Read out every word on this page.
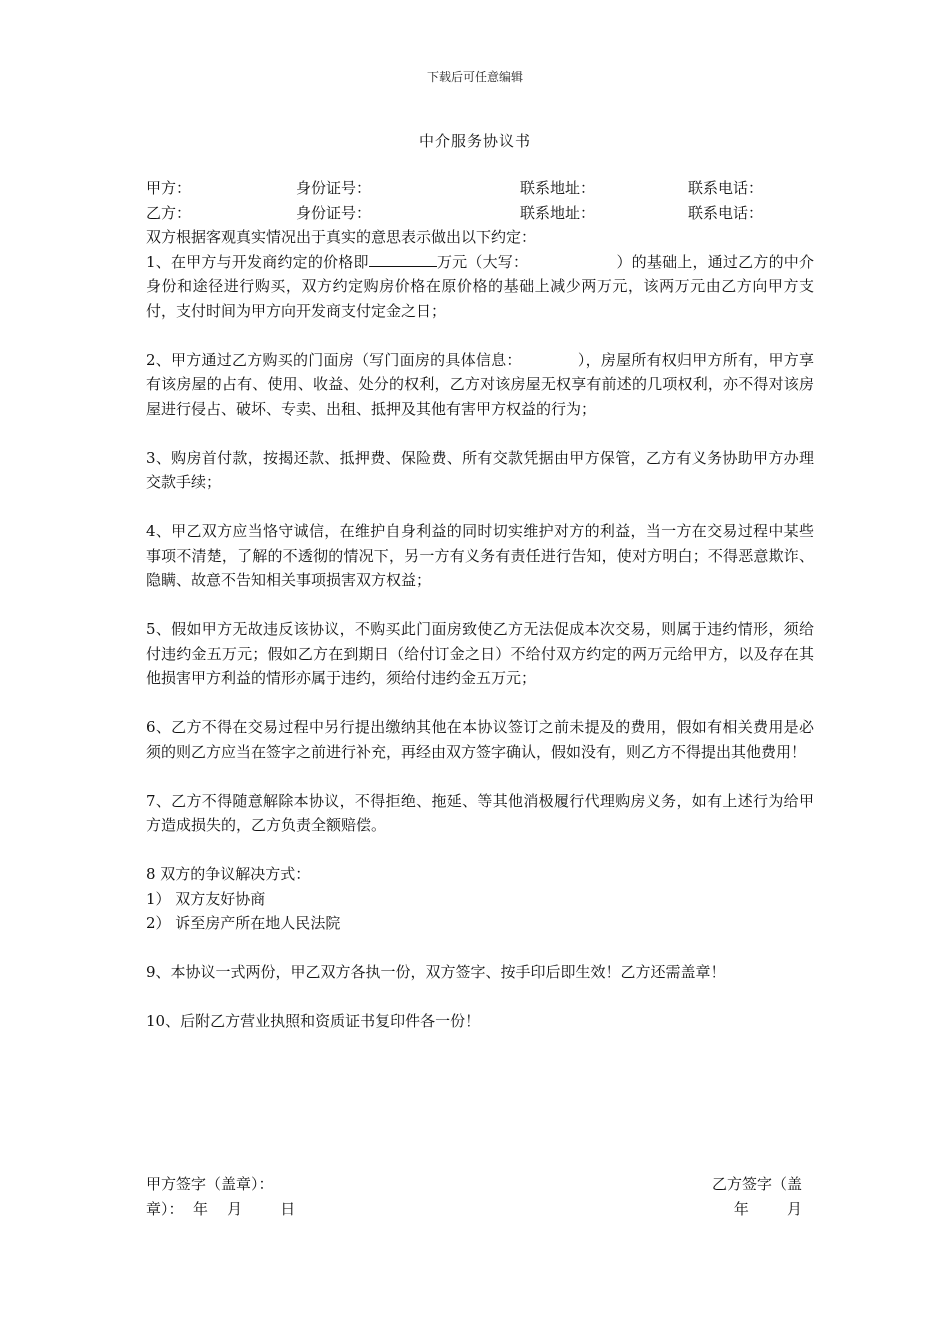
下载后可任意编辑
中介服务协议书
甲方：	身份证号：	联系地址：	联系电话：
乙方：	身份证号：	联系地址：	联系电话：

双方根据客观真实情况出于真实的意思表示做出以下约定：

1、在甲方与开发商约定的价格即	万元（大写：	）的基础上，通过乙方的中介身份和途径进行购买，双方约定购房价格在原价格的基础上减少两万元，该两万元由乙方向甲方支付，支付时间为甲方向开发商支付定金之日；

2、甲方通过乙方购买的门面房（写门面房的具体信息：	），房屋所有权归甲方所有，甲方享有该房屋的占有、使用、收益、处分的权利，乙方对该房屋无权享有前述的几项权利，亦不得对该房屋进行侵占、破坏、专卖、出租、抵押及其他有害甲方权益的行为；

3、购房首付款，按揭还款、抵押费、保险费、所有交款凭据由甲方保管，乙方有义务协助甲方办理交款手续；

4、甲乙双方应当恪守诚信，在维护自身利益的同时切实维护对方的利益，当一方在交易过程中某些事项不清楚，了解的不透彻的情况下，另一方有义务有责任进行告知，使对方明白；不得恶意欺诈、隐瞒、故意不告知相关事项损害双方权益；

5、假如甲方无故违反该协议，不购买此门面房致使乙方无法促成本次交易，则属于违约情形，须给付违约金五万元；假如乙方在到期日（给付订金之日）不给付双方约定的两万元给甲方，以及存在其他损害甲方利益的情形亦属于违约，须给付违约金五万元；

6、乙方不得在交易过程中另行提出缴纳其他在本协议签订之前未提及的费用，假如有相关费用是必须的则乙方应当在签字之前进行补充，再经由双方签字确认，假如没有，则乙方不得提出其他费用！

7、乙方不得随意解除本协议，不得拒绝、拖延、等其他消极履行代理购房义务，如有上述行为给甲方造成损失的，乙方负责全额赔偿。

8 双方的争议解决方式：

1） 双方友好协商

2） 诉至房产所在地人民法院

9、本协议一式两份，甲乙双方各执一份，双方签字、按手印后即生效！乙方还需盖章！

10、后附乙方营业执照和资质证书复印件各一份！

甲方签字（盖章）：	乙方签字（盖
章）：  年    月        日	年        月
